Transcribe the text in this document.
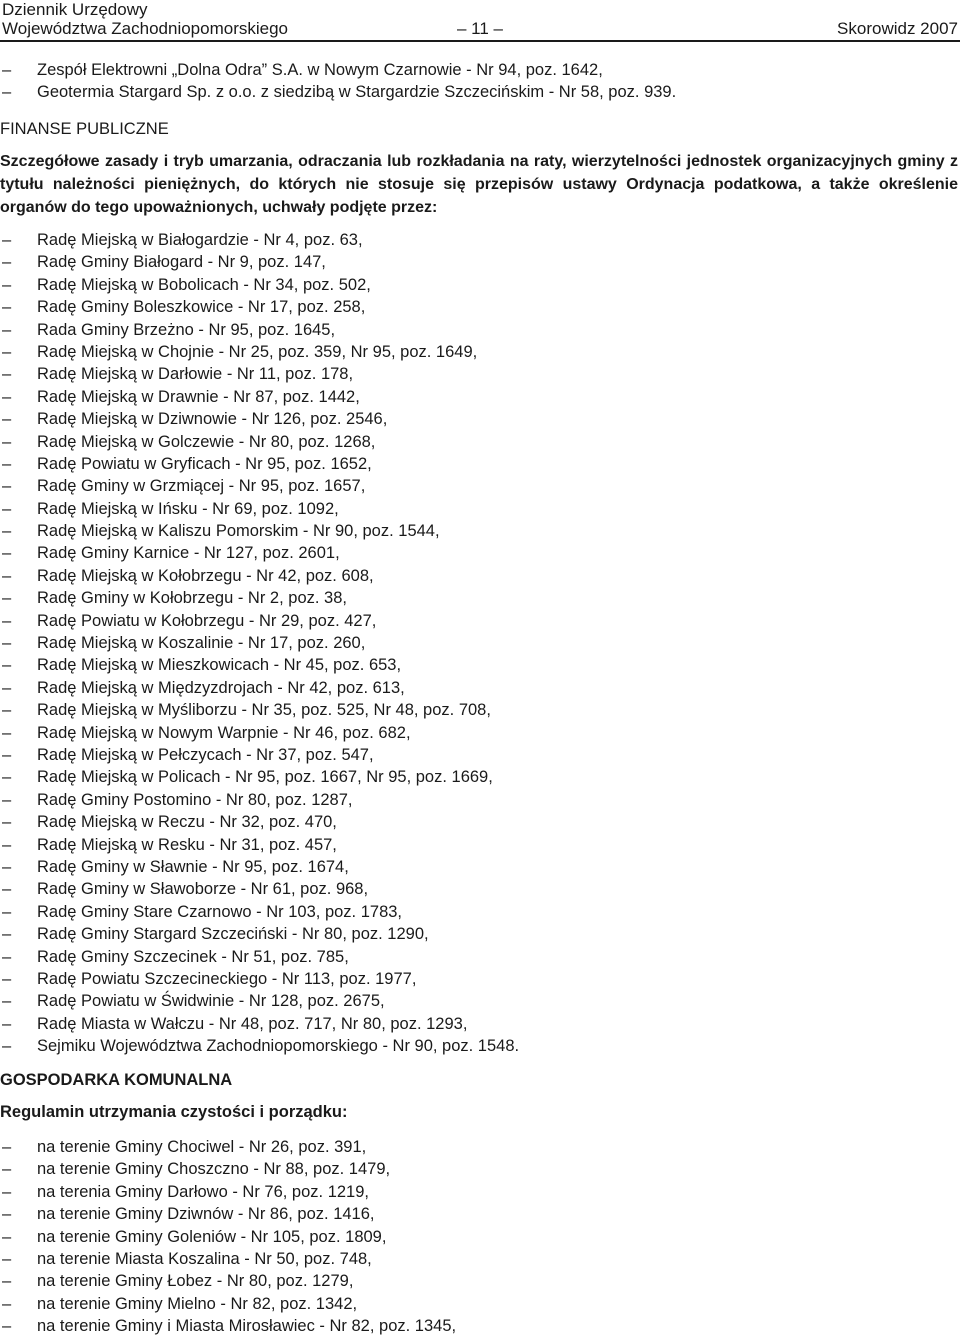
Dziennik Urzędowy
Województwa Zachodniopomorskiego	– 11 –	Skorowidz 2007
– Zespół Elektrowni „Dolna Odra” S.A. w Nowym Czarnowie - Nr 94, poz. 1642,
– Geotermia Stargard Sp. z o.o. z siedzibą w Stargardzie Szczecińskim - Nr 58, poz. 939.
FINANSE PUBLICZNE
Szczegółowe zasady i tryb umarzania, odraczania lub rozkładania na raty, wierzytelności jednostek organizacyjnych gminy z tytułu należności pieniężnych, do których nie stosuje się przepisów ustawy Ordynacja podatkowa, a także określenie organów do tego upoważnionych, uchwały podjęte przez:
– Radę Miejską w Białogardzie - Nr 4, poz. 63,
– Radę Gminy Białogard - Nr 9, poz. 147,
– Radę Miejską w Bobolicach - Nr 34, poz. 502,
– Radę Gminy Boleszkowice - Nr 17, poz. 258,
– Rada Gminy Brzeżno - Nr 95, poz. 1645,
– Radę Miejską w Chojnie - Nr 25, poz. 359, Nr 95, poz. 1649,
– Radę Miejską w Darłowie - Nr 11, poz. 178,
– Radę Miejską w Drawnie - Nr 87, poz. 1442,
– Radę Miejską w Dziwnowie - Nr 126, poz. 2546,
– Radę Miejską w Golczewie - Nr 80, poz. 1268,
– Radę Powiatu w Gryficach - Nr 95, poz. 1652,
– Radę Gminy w Grzmiącej - Nr 95, poz. 1657,
– Radę Miejską w Ińsku - Nr 69, poz. 1092,
– Radę Miejską w Kaliszu Pomorskim - Nr 90, poz. 1544,
– Radę Gminy Karnice - Nr 127, poz. 2601,
– Radę Miejską w Kołobrzegu - Nr 42, poz. 608,
– Radę Gminy w Kołobrzegu - Nr 2, poz. 38,
– Radę Powiatu w Kołobrzegu - Nr 29, poz. 427,
– Radę Miejską w Koszalinie - Nr 17, poz. 260,
– Radę Miejską w Mieszkowicach - Nr 45, poz. 653,
– Radę Miejską w Międzyzdrojach - Nr 42, poz. 613,
– Radę Miejską w Myśliborzu - Nr 35, poz. 525, Nr 48, poz. 708,
– Radę Miejską w Nowym Warpnie - Nr 46, poz. 682,
– Radę Miejską w Pełczycach - Nr 37, poz. 547,
– Radę Miejską w Policach - Nr 95, poz. 1667, Nr 95, poz. 1669,
– Radę Gminy Postomino - Nr 80, poz. 1287,
– Radę Miejską w Reczu - Nr 32, poz. 470,
– Radę Miejską w Resku - Nr 31, poz. 457,
– Radę Gminy w Sławnie - Nr 95, poz. 1674,
– Radę Gminy w Sławoborze - Nr 61, poz. 968,
– Radę Gminy Stare Czarnowo - Nr 103, poz. 1783,
– Radę Gminy Stargard Szczeciński - Nr 80, poz. 1290,
– Radę Gminy Szczecinek - Nr 51, poz. 785,
– Radę Powiatu Szczecineckiego - Nr 113, poz. 1977,
– Radę Powiatu w Świdwinie - Nr 128, poz. 2675,
– Radę Miasta w Wałczu - Nr 48, poz. 717, Nr 80, poz. 1293,
– Sejmiku Województwa Zachodniopomorskiego - Nr 90, poz. 1548.
GOSPODARKA KOMUNALNA
Regulamin utrzymania czystości i porządku:
– na terenie Gminy Chociwel - Nr 26, poz. 391,
– na terenie Gminy Choszczno - Nr 88, poz. 1479,
– na terenia Gminy Darłowo - Nr 76, poz. 1219,
– na terenie Gminy Dziwnów - Nr 86, poz. 1416,
– na terenie Gminy Goleniów - Nr 105, poz. 1809,
– na terenie Miasta Koszalina - Nr 50, poz. 748,
– na terenie Gminy Łobez - Nr 80, poz. 1279,
– na terenie Gminy Mielno - Nr 82, poz. 1342,
– na terenie Gminy i Miasta Mirosławiec - Nr 82, poz. 1345,
